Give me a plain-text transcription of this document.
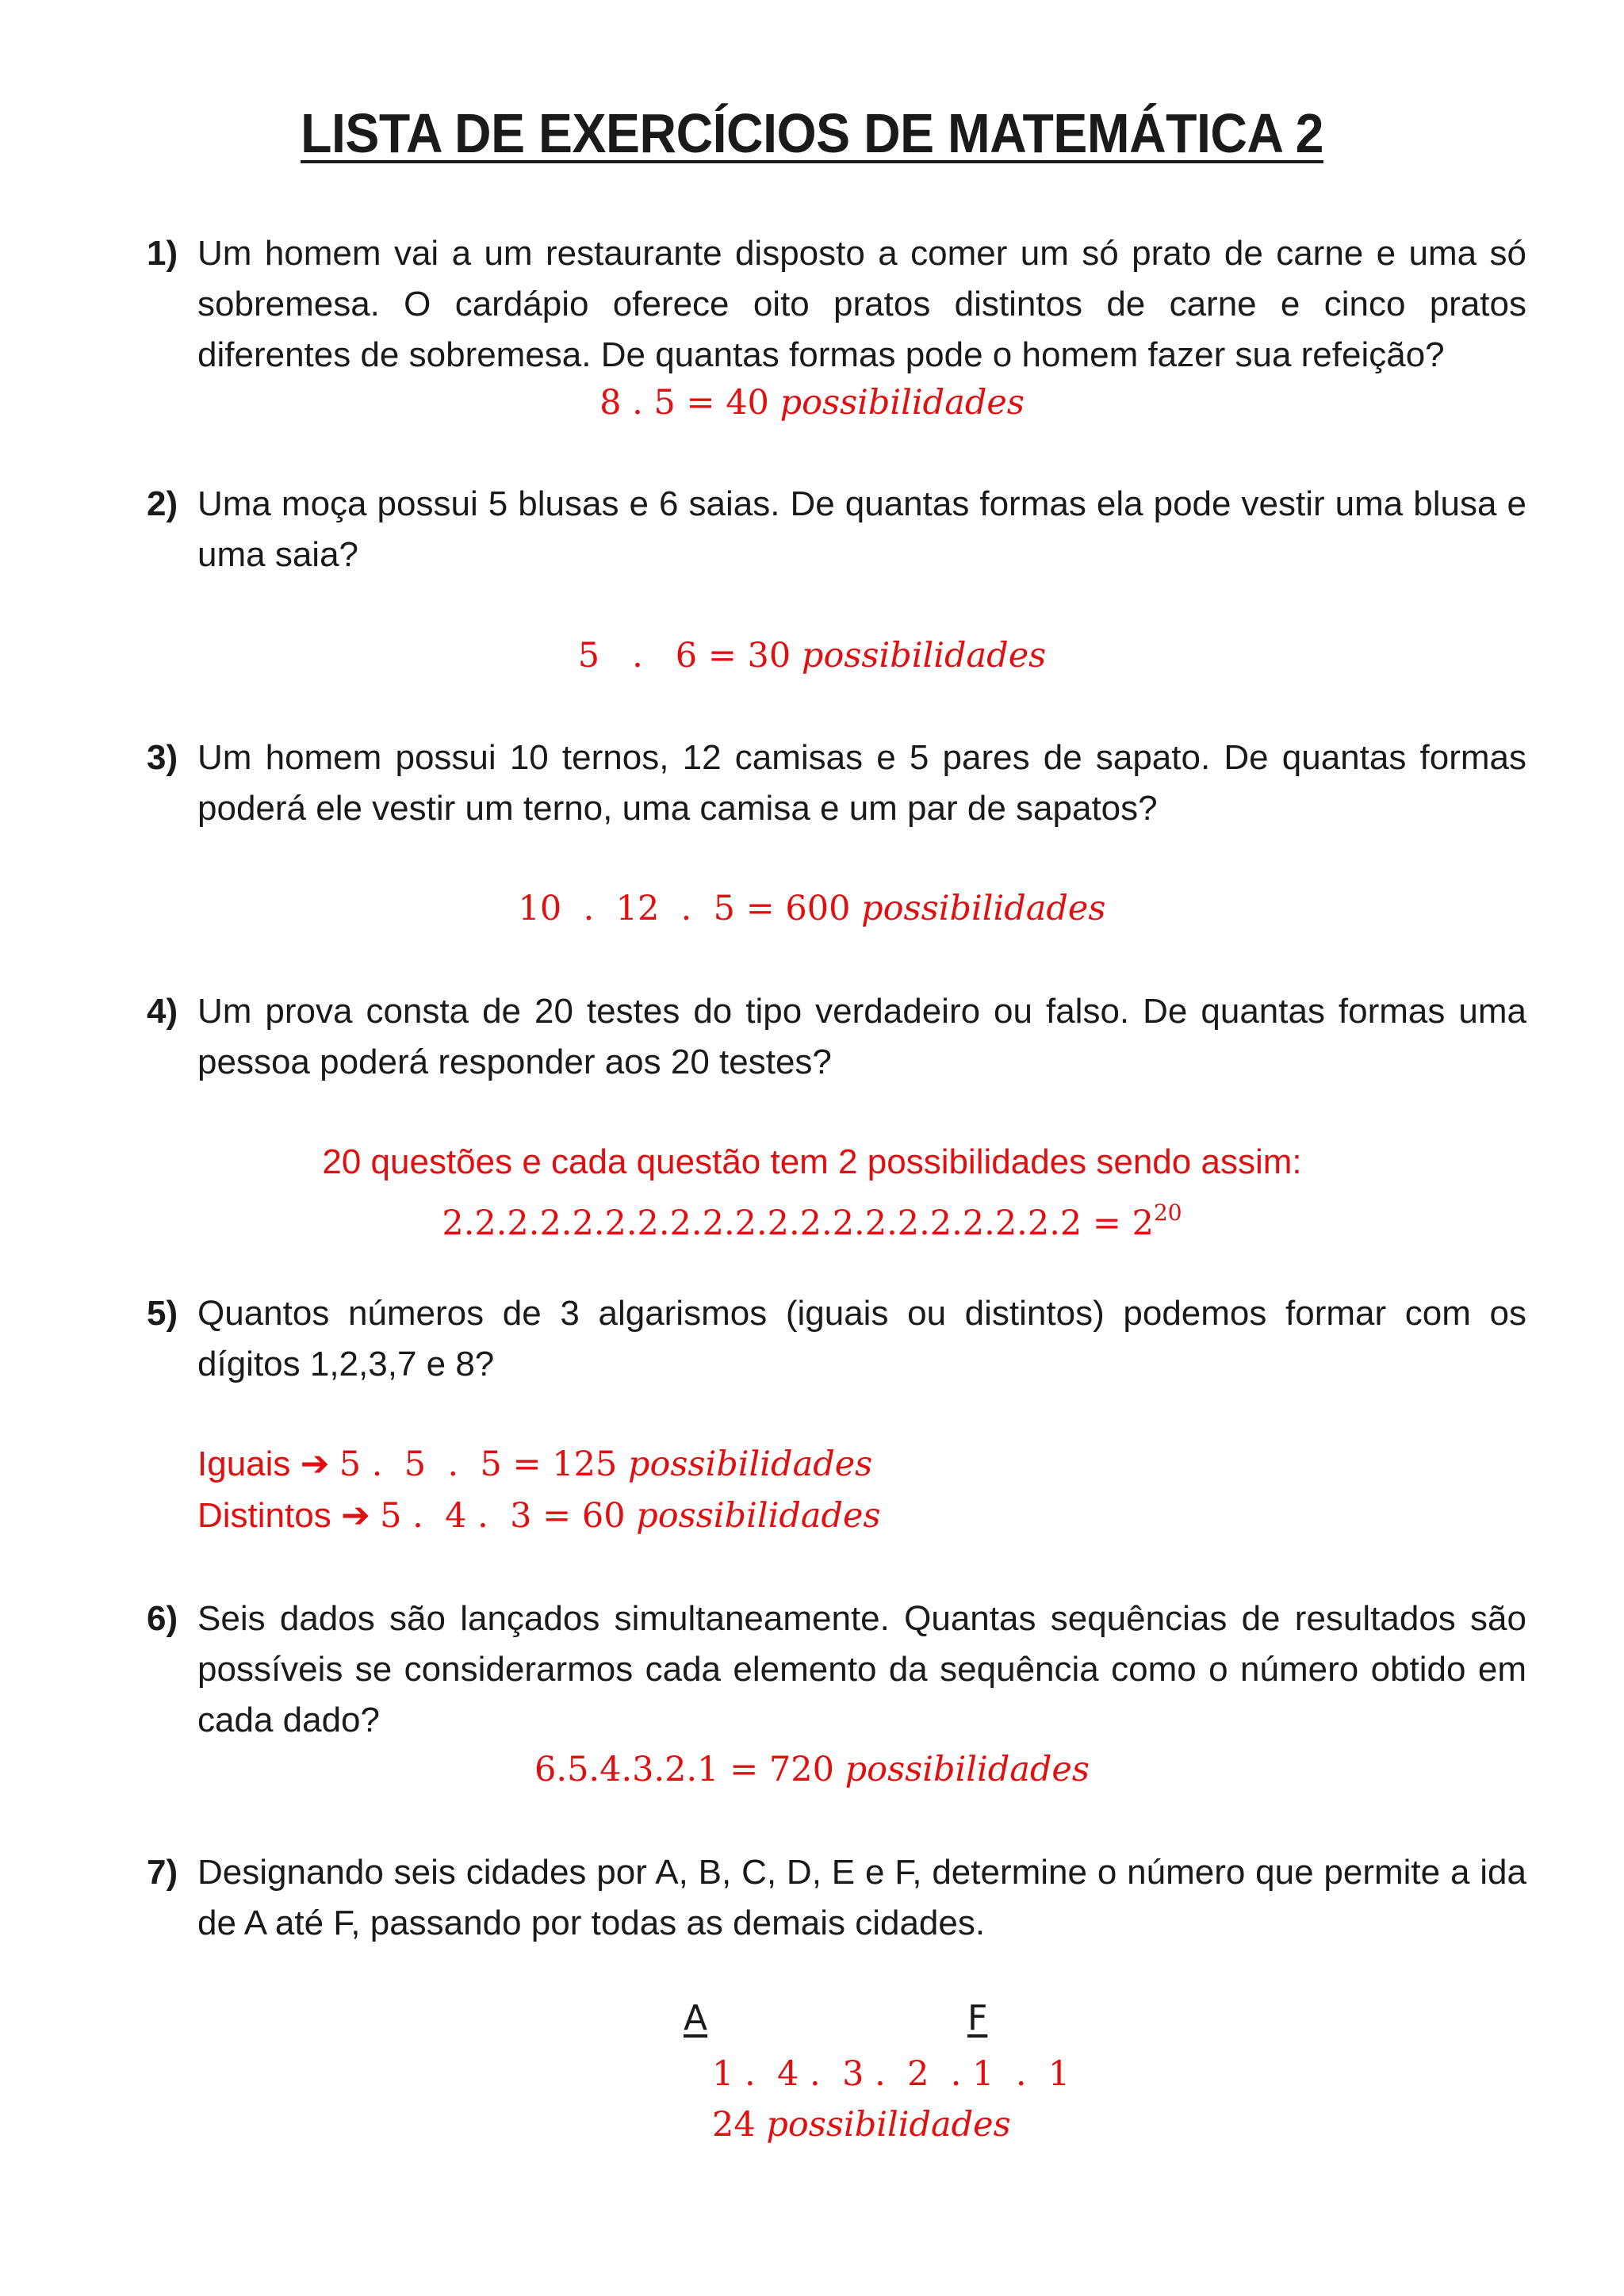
LISTA DE EXERCÍCIOS DE MATEMÁTICA 2
1) Um homem vai a um restaurante disposto a comer um só prato de carne e uma só sobremesa. O cardápio oferece oito pratos distintos de carne e cinco pratos diferentes de sobremesa. De quantas formas pode o homem fazer sua refeição?
8 . 5 = 40 possibilidades
2) Uma moça possui 5 blusas e 6 saias. De quantas formas ela pode vestir uma blusa e uma saia?
5   .   6 = 30 possibilidades
3) Um homem possui 10 ternos, 12 camisas e 5 pares de sapato. De quantas formas poderá ele vestir um terno, uma camisa e um par de sapatos?
10  .  12  .  5 = 600 possibilidades
4) Um prova consta de 20 testes do tipo verdadeiro ou falso. De quantas formas uma pessoa poderá responder aos 20 testes?
20 questões e cada questão tem 2 possibilidades sendo assim:
$2.2.2.2.2.2.2.2.2.2.2.2.2.2.2.2.2.2.2.2 = 2^{20}$
5) Quantos números de 3 algarismos (iguais ou distintos) podemos formar com os dígitos 1,2,3,7 e 8?
Iguais ➔ 5 .  5  .  5 = 125 possibilidades
Distintos ➔ 5 .  4 .  3 = 60 possibilidades
6) Seis dados são lançados simultaneamente. Quantas sequências de resultados são possíveis se considerarmos cada elemento da sequência como o número obtido em cada dado?
6.5.4.3.2.1 = 720 possibilidades
7) Designando seis cidades por A, B, C, D, E e F, determine o número que permite a ida de A até F, passando por todas as demais cidades.
A	F
1 .  4 .  3 .  2  . 1  .  1
24 possibilidades
